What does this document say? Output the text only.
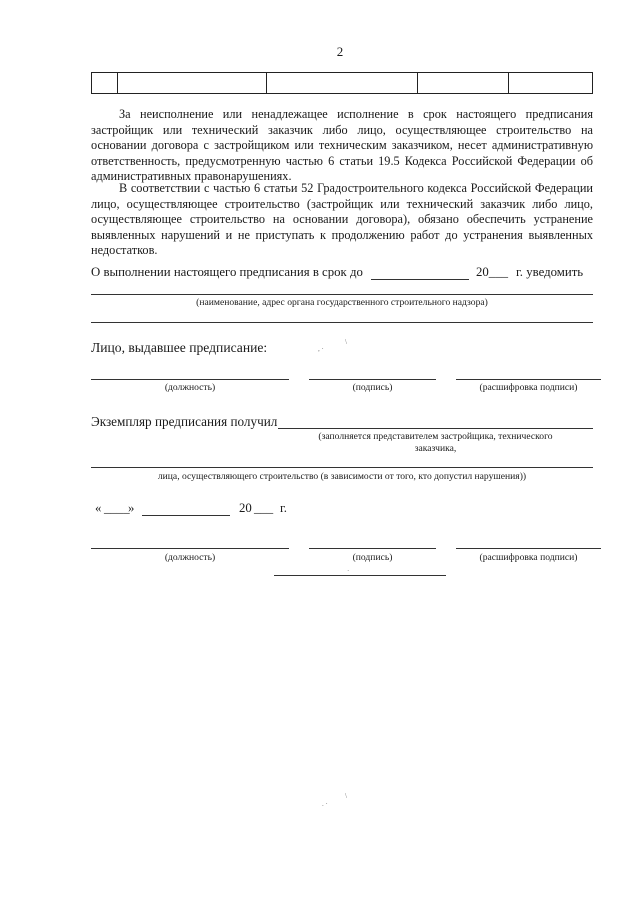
2

За неисполнение или ненадлежащее исполнение в срок настоящего предписания застройщик или технический заказчик либо лицо, осуществляющее строительство на основании договора с застройщиком или техническим заказчиком, несет административную ответственность, предусмотренную частью 6 статьи 19.5 Кодекса Российской Федерации об административных правонарушениях.

В соответствии с частью 6 статьи 52 Градостроительного кодекса Российской Федерации лицо, осуществляющее строительство (застройщик или технический заказчик либо лицо, осуществляющее строительство на основании договора), обязано обеспечить устранение выявленных нарушений и не приступать к продолжению работ до устранения выявленных недостатков.

О выполнении настоящего предписания в срок до	20___ г. уведомить
(наименование, адрес органа государственного строительного надзора)
Лицо, выдавшее предписание:	, ·
\
(должность)	(подпись)	(расшифровка подписи)
Экземпляр предписания получил
(заполняется представителем застройщика, технического
заказчика,
лица, осуществляющего строительство (в зависимости от того, кто допустил нарушения))
« ____
»	20 ___ г.
(должность)	(подпись)	(расшифровка подписи)
·
. ·
\
